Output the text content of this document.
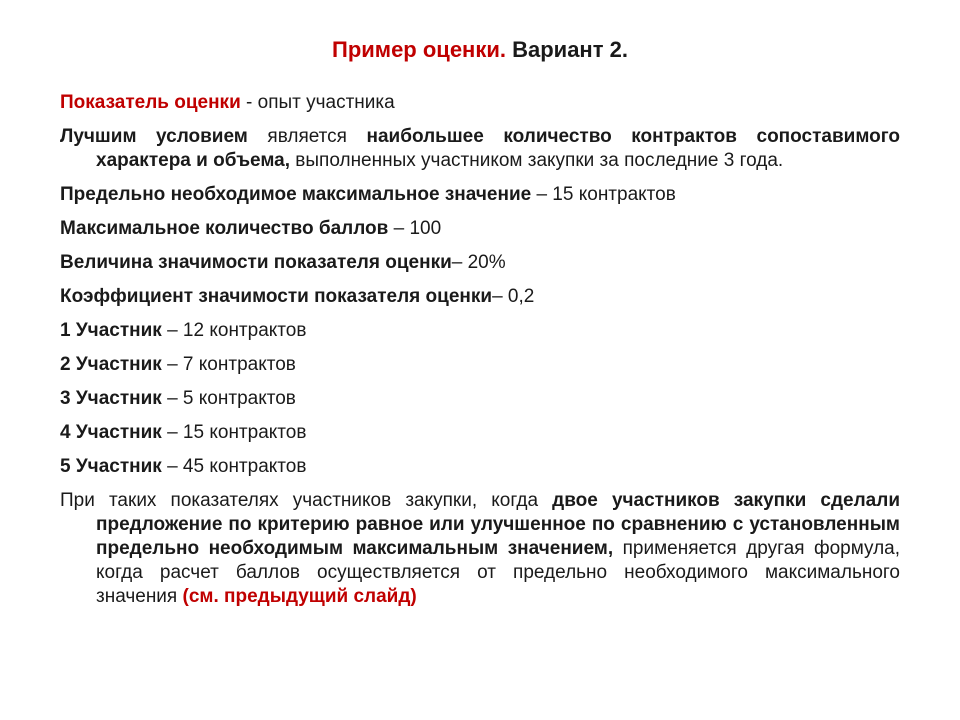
Пример оценки. Вариант 2.

Показатель оценки - опыт участника

Лучшим условием является наибольшее количество контрактов сопоставимого характера и объема, выполненных участником закупки за последние 3 года.

Предельно необходимое максимальное значение – 15 контрактов

Максимальное количество баллов – 100

Величина значимости показателя оценки– 20%

Коэффициент значимости показателя оценки– 0,2

1 Участник – 12 контрактов

2 Участник – 7 контрактов

3 Участник – 5 контрактов

4 Участник – 15 контрактов

5 Участник – 45 контрактов

При таких показателях участников закупки, когда двое участников закупки сделали предложение по критерию равное или улучшенное по сравнению с установленным предельно необходимым максимальным значением, применяется другая формула, когда расчет баллов осуществляется от предельно необходимого максимального значения (см. предыдущий слайд)
